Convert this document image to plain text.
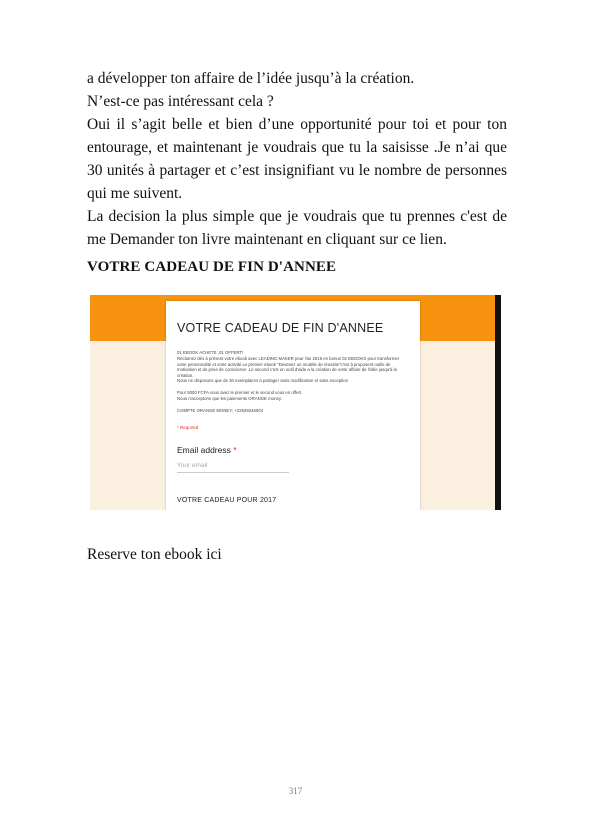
a développer ton affaire de l’idée jusqu’à la création.

N’est-ce pas intéressant cela ?

Oui il s’agit belle et bien d’une opportunité pour toi et pour ton entourage, et maintenant je voudrais que tu la saisisse .Je n’ai que 30 unités à partager et c’est insignifiant vu le nombre de personnes qui me suivent.

La decision la plus simple que je voudrais que tu prennes c'est de me Demander ton livre maintenant en cliquant sur ce lien.

VOTRE CADEAU DE FIN D'ANNEE

VOTRE CADEAU DE FIN D'ANNEE

01 EBOOK ACHETE ,01 OFFERT!

Réclamez dès à présent votre ebook avec LEADING MAKER pour l'an 2016 en bonus 02 EBOOKS pour transformer votre personnalité et votre activité.Le premier ebook "Devenez un modèle de réussite"c'est à proposent outils de motivation et de prise de conscience .Le second c'est un outil d'aide a la création de votre affaire de l'idée jusqu'à la création.

Nous ne disposons que de 30 exemplaires a partager sans modification et sans exception

Pour 5000 FCFA vous avez le premier et le second vous en offert.

Nous n'acceptons que les paiements ORANGE money.

COMPTE ORANGE MONEY: +22549246004

* Required
Email address *
Your email
VOTRE CADEAU POUR 2017

Reserve ton ebook ici

317
